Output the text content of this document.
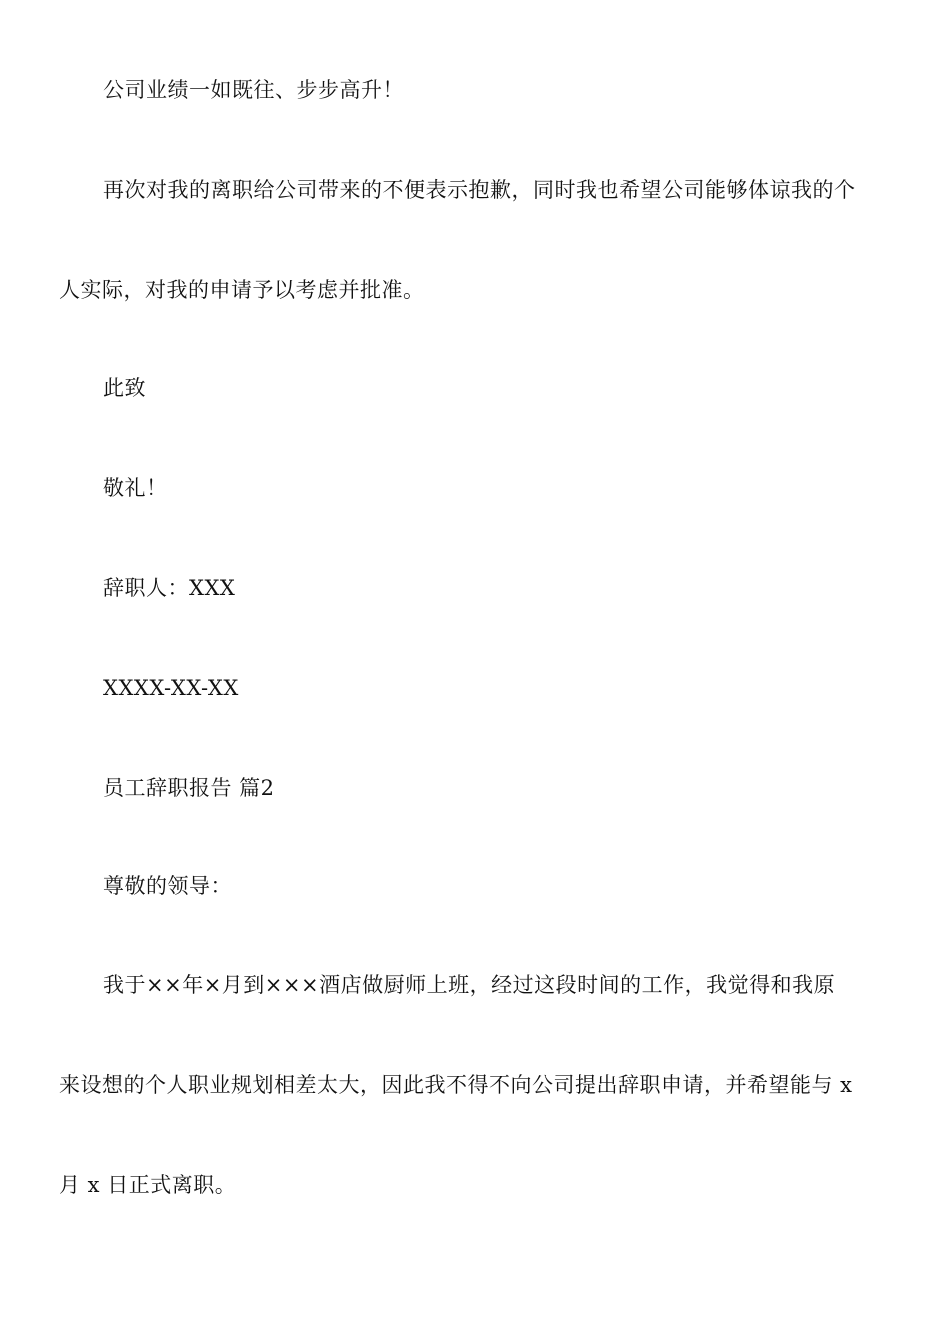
公司业绩一如既往、步步高升！
再次对我的离职给公司带来的不便表示抱歉，同时我也希望公司能够体谅我的个
人实际，对我的申请予以考虑并批准。
此致
敬礼！
辞职人：XXX
XXXX-XX-XX
员工辞职报告 篇2
尊敬的领导：
我于××年×月到×××酒店做厨师上班，经过这段时间的工作，我觉得和我原
来设想的个人职业规划相差太大，因此我不得不向公司提出辞职申请，并希望能与 x
月 x 日正式离职。
